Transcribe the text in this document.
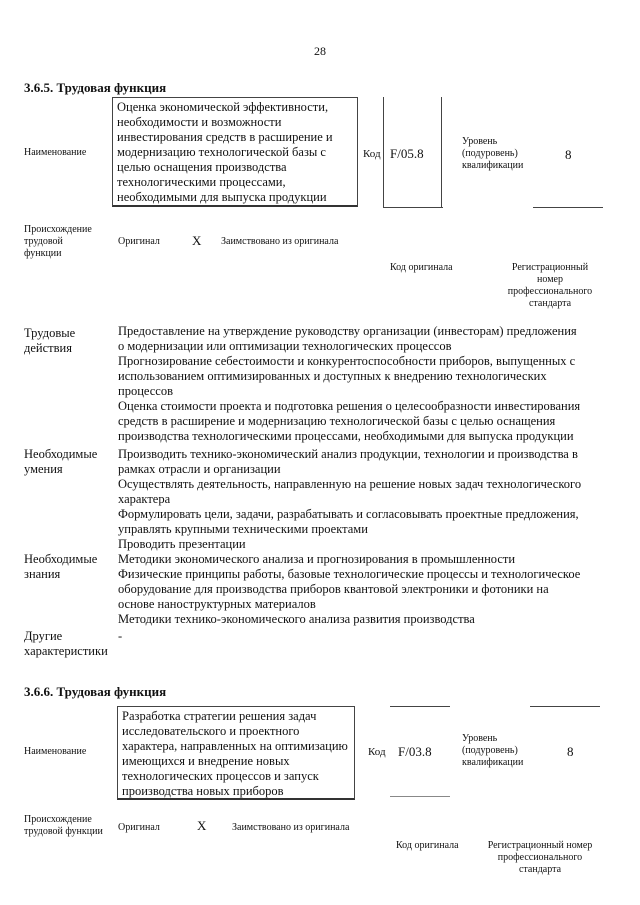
28
3.6.5. Трудовая функция
Наименование
Оценка экономической эффективности,
необходимости и возможности
инвестирования средств в расширение и
модернизацию технологической базы с
целью оснащения производства
технологическими процессами,
необходимыми для выпуска продукции
Код F/05.8
Уровень
(подуровень)
квалификации
8
Происхождение
трудовой
функции
Оригинал X Заимствовано из оригинала
Код оригинала	Регистрационный
номер
профессионального
стандарта
Трудовые
действия
Предоставление на утверждение руководству организации (инвесторам) предложения
о модернизации или оптимизации технологических процессов
Прогнозирование себестоимости и конкурентоспособности приборов, выпущенных с
использованием оптимизированных и доступных к внедрению технологических
процессов
Оценка стоимости проекта и подготовка решения о целесообразности инвестирования
средств в расширение и модернизацию технологической базы с целью оснащения
производства технологическими процессами, необходимыми для выпуска продукции
Необходимые
умения
Производить технико-экономический анализ продукции, технологии и производства в
рамках отрасли и организации
Осуществлять деятельность, направленную на решение новых задач технологического
характера
Формулировать цели, задачи, разрабатывать и согласовывать проектные предложения,
управлять крупными техническими проектами
Проводить презентации
Необходимые
знания
Методики экономического анализа и прогнозирования в промышленности
Физические принципы работы, базовые технологические процессы и технологическое
оборудование для производства приборов квантовой электроники и фотоники на
основе наноструктурных материалов
Методики технико-экономического анализа развития производства
Другие
характеристики
-
3.6.6. Трудовая функция
Наименование
Разработка стратегии решения задач
исследовательского и проектного
характера, направленных на оптимизацию
имеющихся и внедрение новых
технологических процессов и запуск
производства новых приборов
Код F/03.8
Уровень
(подуровень)
квалификации
8
Происхождение
трудовой функции Оригинал	X	Заимствовано из оригинала
Код оригинала	Регистрационный номер
профессионального
стандарта
